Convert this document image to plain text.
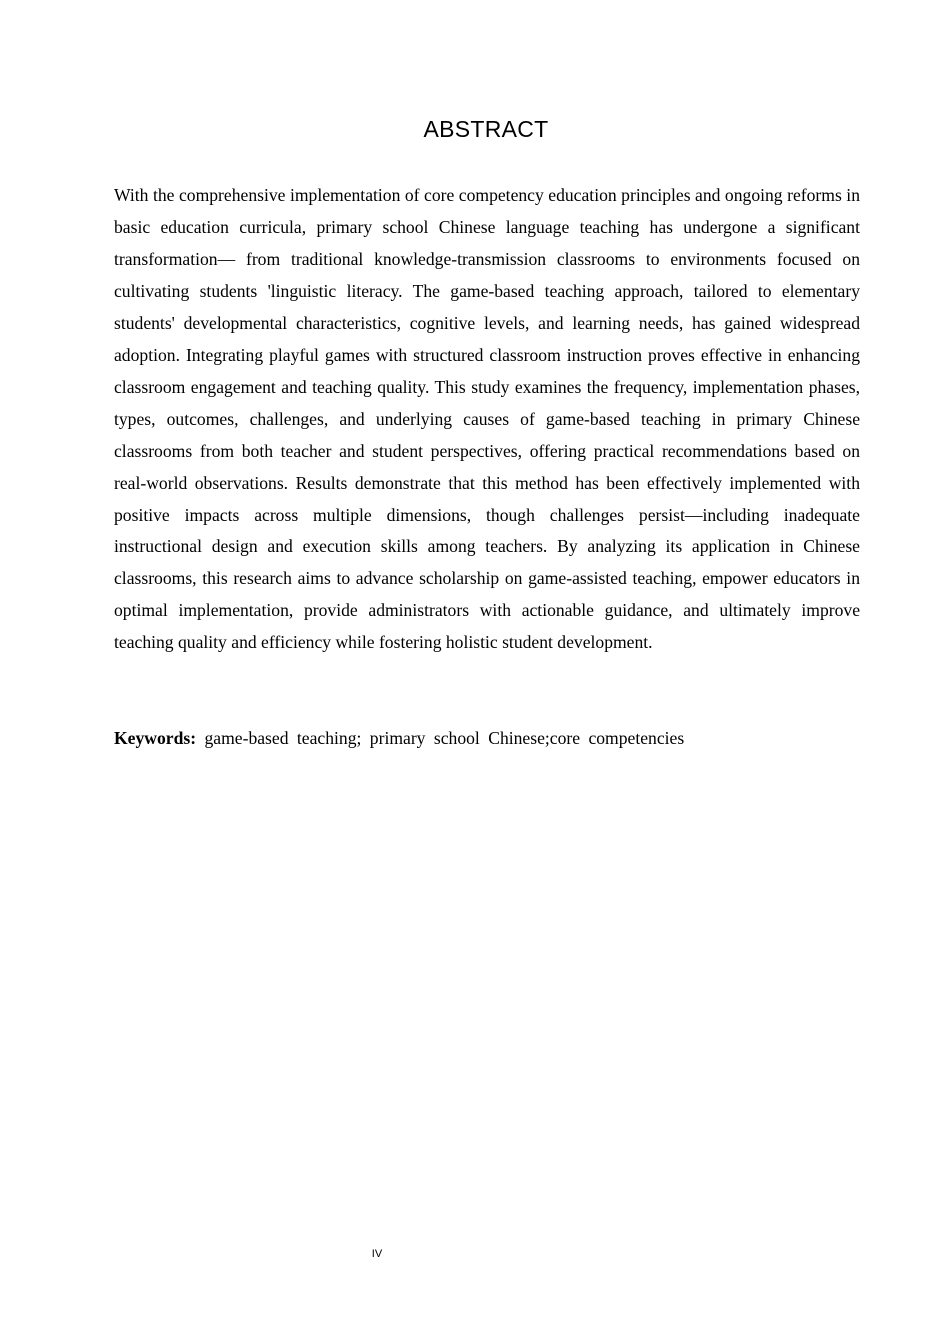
ABSTRACT

With the comprehensive implementation of core competency education principles and ongoing reforms in basic education curricula, primary school Chinese language teaching has undergone a significant transformation— from traditional knowledge-transmission classrooms to environments focused on cultivating students 'linguistic literacy. The game-based teaching approach, tailored to elementary students' developmental characteristics, cognitive levels, and learning needs, has gained widespread adoption. Integrating playful games with structured classroom instruction proves effective in enhancing classroom engagement and teaching quality. This study examines the frequency, implementation phases, types, outcomes, challenges, and underlying causes of game-based teaching in primary Chinese classrooms from both teacher and student perspectives, offering practical recommendations based on real-world observations. Results demonstrate that this method has been effectively implemented with positive impacts across multiple dimensions, though challenges persist—including inadequate instructional design and execution skills among teachers. By analyzing its application in Chinese classrooms, this research aims to advance scholarship on game-assisted teaching, empower educators in optimal implementation, provide administrators with actionable guidance, and ultimately improve teaching quality and efficiency while fostering holistic student development.

Keywords: game-based teaching; primary school Chinese;core competencies

IV
